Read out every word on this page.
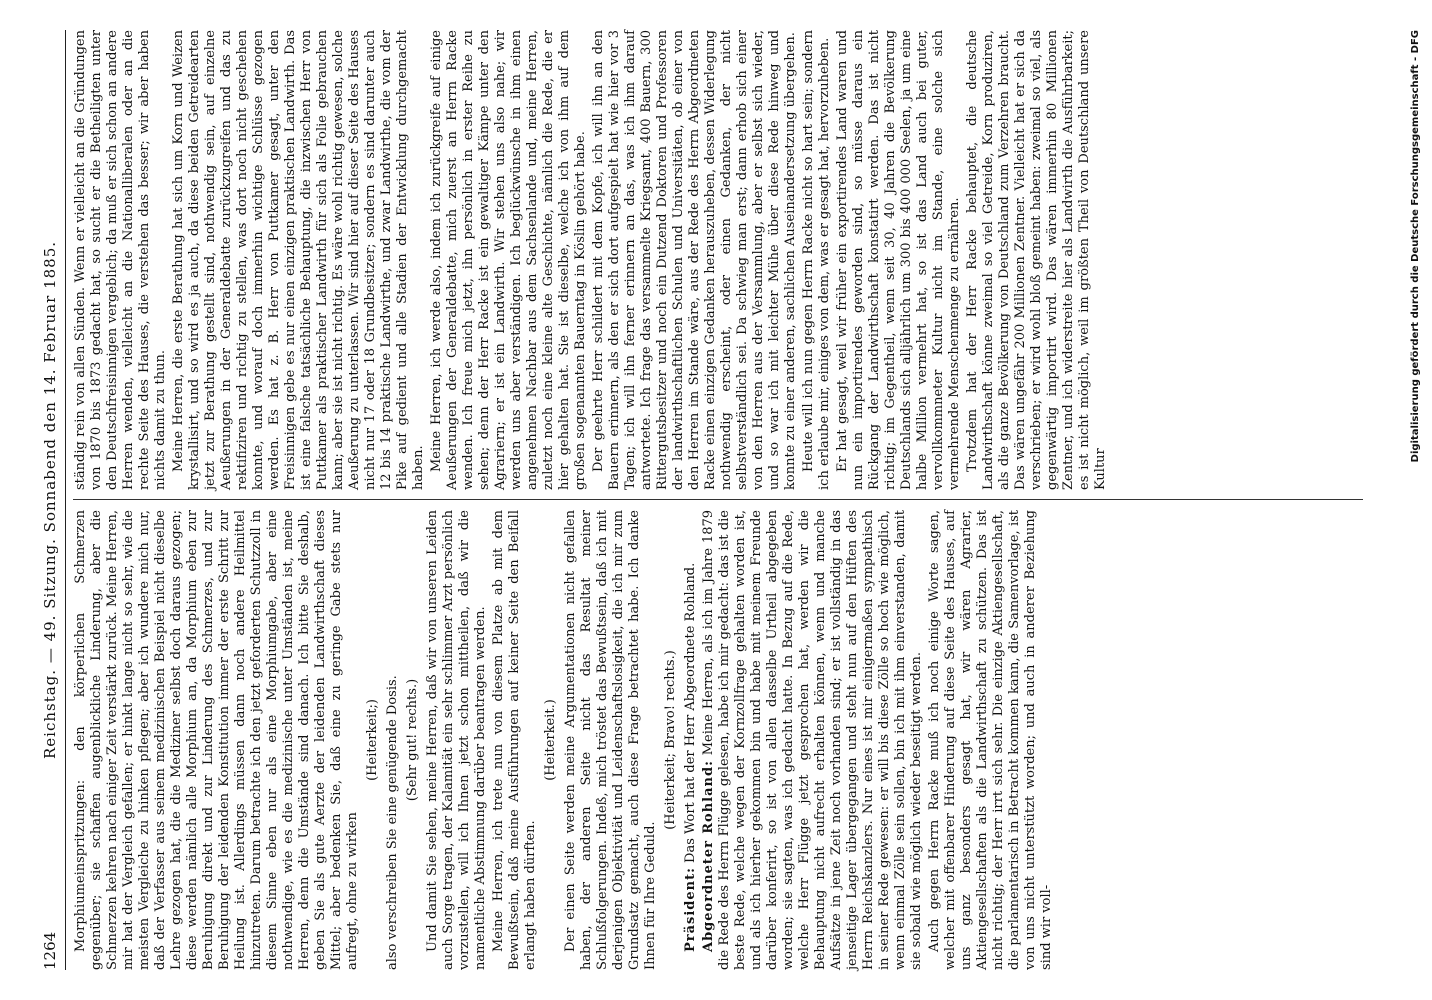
1264
Reichstag. — 49. Sitzung. Sonnabend den 14. Februar 1885. Morphiumeinspritzungen: den körperlichen Schmerzen gegenüber; sie schaffen augenblickliche Linderung, aber die Schmerzen kehren nach einiger Zeit verstärkt zurück. Meine Herren, mir hat der Vergleich gefallen; er hinkt lange nicht so sehr, wie die meisten Vergleiche zu hinken pflegen; aber ich wundere mich nur, daß der Verfasser aus seinem medizinischen Beispiel nicht dieselbe Lehre gezogen hat, die die Mediziner selbst doch daraus gezogen; diese werden nämlich alle Morphium an, da Morphium eben zur Beruhigung direkt und zur Linderung des Schmerzes, und zur Beruhigung der leidenden Konstitution immer der erste Schritt zur Heilung ist. Allerdings müssen dann noch andere Heilmittel hinzutreten. Darum betrachte ich den jetzt geforderten Schutzzoll in diesem Sinne eben nur als eine Morphiumgabe, aber eine nothwendige, wie es die medizinische unter Umständen ist, meine Herren, denn die Umstände sind danach. Ich bitte Sie deshalb, geben Sie als gute Aerzte der leidenden Landwirthschaft dieses Mittel; aber bedenken Sie, daß eine zu geringe Gabe stets nur aufregt, ohne zu wirken

(Heiterkeit;) also verschreiben Sie eine genügende Dosis. (Sehr gut! rechts.) Und damit Sie sehen, meine Herren, daß wir von unseren Leiden auch Sorge tragen, der Kalamität ein sehr schlimmer Arzt persönlich vorzustellen, will ich Ihnen jetzt schon mittheilen, daß wir die namentliche Abstimmung darüber beantragen werden. Meine Herren, ich trete nun von diesem Platze ab mit dem Bewußtsein, daß meine Ausführungen auf keiner Seite den Beifall erlangt haben dürften.

(Heiterkeit.) Der einen Seite werden meine Argumentationen nicht gefallen haben, der anderen Seite nicht das Resultat meiner Schlußfolgerungen. Indeß, mich tröstet das Bewußtsein, daß ich mit derjenigen Objektivität und Leidenschaftslosigkeit, die ich mir zum Grundsatz gemacht, auch diese Frage betrachtet habe. Ich danke Ihnen für Ihre Geduld.

(Heiterkeit; Bravo! rechts.)

Präsident: Das Wort hat der Herr Abgeordnete Rohland. Abgeordneter Rohland: Meine Herren, als ich im Jahre 1879 die Rede des Herrn Flügge gelesen, habe ich mir gedacht: das ist die beste Rede, welche wegen der Kornzollfrage gehalten worden ist, und als ich hierher gekommen bin und habe mit meinem Freunde darüber konferirt, so ist von allen dasselbe Urtheil abgegeben worden; sie sagten, was ich gedacht hatte. In Bezug auf die Rede, welche Herr Flügge jetzt gesprochen hat, werden wir die Behauptung nicht aufrecht erhalten können, wenn und manche Aufsätze in jene Zeit noch vorhanden sind; er ist vollständig in das jenseitige Lager übergegangen und steht nun auf den Hüften des Herrn Reichskanzlers. Nur eines ist mir einigermaßen sympathisch in seiner Rede gewesen: er will bis diese Zölle so hoch wie möglich, wenn einmal Zölle sein sollen, bin ich mit ihm einverstanden, damit sie sobald wie möglich wieder beseitigt werden. Auch gegen Herrn Racke muß ich noch einige Worte sagen, welcher mit offenbarer Hinderung auf diese Seite des Hauses, auf uns ganz besonders gesagt hat, wir wären Agrarier, Aktiengesellschaften als die Landwirthschaft zu schützen. Das ist nicht richtig; der Herr irrt sich sehr. Die einzige Aktiengesellschaft, die parlamentarisch in Betracht kommen kann, die Samenvorlage, ist von uns nicht unterstützt worden; und auch in anderer Beziehung sind wir voll-

ständig rein von allen Sünden. Wenn er vielleicht an die Gründungen von 1870 bis 1873 gedacht hat, so sucht er die Betheiligten unter den Deutschfreisinnigen vergeblich; da muß er sich schon an andere Herren wenden, vielleicht an die Nationalliberalen oder an die rechte Seite des Hauses, die verstehen das besser; wir aber haben nichts damit zu thun. Meine Herren, die erste Berathung hat sich um Korn und Weizen krystallisirt, und so wird es ja auch, da diese beiden Getreidearten jetzt zur Berathung gestellt sind, nothwendig sein, auf einzelne Aeußerungen in der Generaldebatte zurückzugreifen und das zu rektifiziren und richtig zu stellen, was dort noch nicht geschehen konnte, und worauf doch immerhin wichtige Schlüsse gezogen werden. Es hat z. B. Herr von Puttkamer gesagt, unter den Freisinnigen gebe es nur einen einzigen praktischen Landwirth. Das ist eine falsche tatsächliche Behauptung, die inzwischen Herr von Puttkamer als praktischer Landwirth für sich als Folie gebrauchen kann; aber sie ist nicht richtig. Es wäre wohl richtig gewesen, solche Aeußerung zu unterlassen. Wir sind hier auf dieser Seite des Hauses nicht nur 17 oder 18 Grundbesitzer; sondern es sind darunter auch 12 bis 14 praktische Landwirthe, und zwar Landwirthe, die vom der Pike auf gedient und alle Stadien der Entwicklung durchgemacht haben. Meine Herren, ich werde also, indem ich zurückgreife auf einige Aeußerungen der Generaldebatte, mich zuerst an Herrn Racke wenden. Ich freue mich jetzt, ihn persönlich in erster Reihe zu sehen; denn der Herr Racke ist ein gewaltiger Kämpe unter den Agrariern; er ist ein Landwirth. Wir stehen uns also nahe; wir werden uns aber verständigen. Ich beglückwünsche in ihm einen angenehmen Nachbar aus dem Sachsenlande und, meine Herren, zuletzt noch eine kleine alte Geschichte, nämlich die Rede, die er hier gehalten hat. Sie ist dieselbe, welche ich von ihm auf dem großen sogenannten Bauerntag in Köslin gehört habe. Der geehrte Herr schildert mit dem Kopfe, ich will ihn an den Bauern erinnern, als den er sich dort aufgespielt hat wie hier vor 3 Tagen; ich will ihn ferner erinnern an das, was ich ihm darauf antwortete. Ich frage das versammelte Kriegsamt, 400 Bauern, 300 Rittergutsbesitzer und noch ein Dutzend Doktoren und Professoren der landwirthschaftlichen Schulen und Universitäten, ob einer von den Herren im Stande wäre, aus der Rede des Herrn Abgeordneten Racke einen einzigen Gedanken herauszuheben, dessen Widerlegung nothwendig erscheint, oder einen Gedanken, der nicht selbstverständlich sei. Da schwieg man erst; dann erhob sich einer von den Herren aus der Versammlung, aber er selbst sich wieder, und so war ich mit leichter Mühe über diese Rede hinweg und konnte zu einer anderen, sachlichen Auseinandersetzung übergehen. Heute will ich nun gegen Herrn Racke nicht so hart sein; sondern ich erlaube mir, einiges von dem, was er gesagt hat, hervorzuheben. Er hat gesagt, weil wir früher ein exportirendes Land waren und nun ein importirendes geworden sind, so müsse daraus ein Rückgang der Landwirthschaft konstatirt werden. Das ist nicht richtig; im Gegentheil, wenn seit 30, 40 Jahren die Bevölkerung Deutschlands sich alljährlich um 300 bis 400 000 Seelen, ja um eine halbe Million vermehrt hat, so ist das Land auch bei guter, vervollkommneter Kultur nicht im Stande, eine solche sich vermehrende Menschenmenge zu ernähren. Trotzdem hat der Herr Racke behauptet, die deutsche Landwirthschaft könne zweimal so viel Getreide, Korn produziren, als die ganze Bevölkerung von Deutschland zum Verzehren braucht. Das wären ungefähr 200 Millionen Zentner. Vielleicht hat er sich da verschrieben; er wird wohl bloß gemeint haben: zweimal so viel, als gegenwärtig importirt wird. Das wären immerhin 80 Millionen Zentner, und ich widerstreite hier als Landwirth die Ausführbarkeit; es ist nicht möglich, weil im größten Theil von Deutschland unsere Kultur

Digitalisierung gefördert durch die Deutsche Forschungsgemeinschaft - DFG
